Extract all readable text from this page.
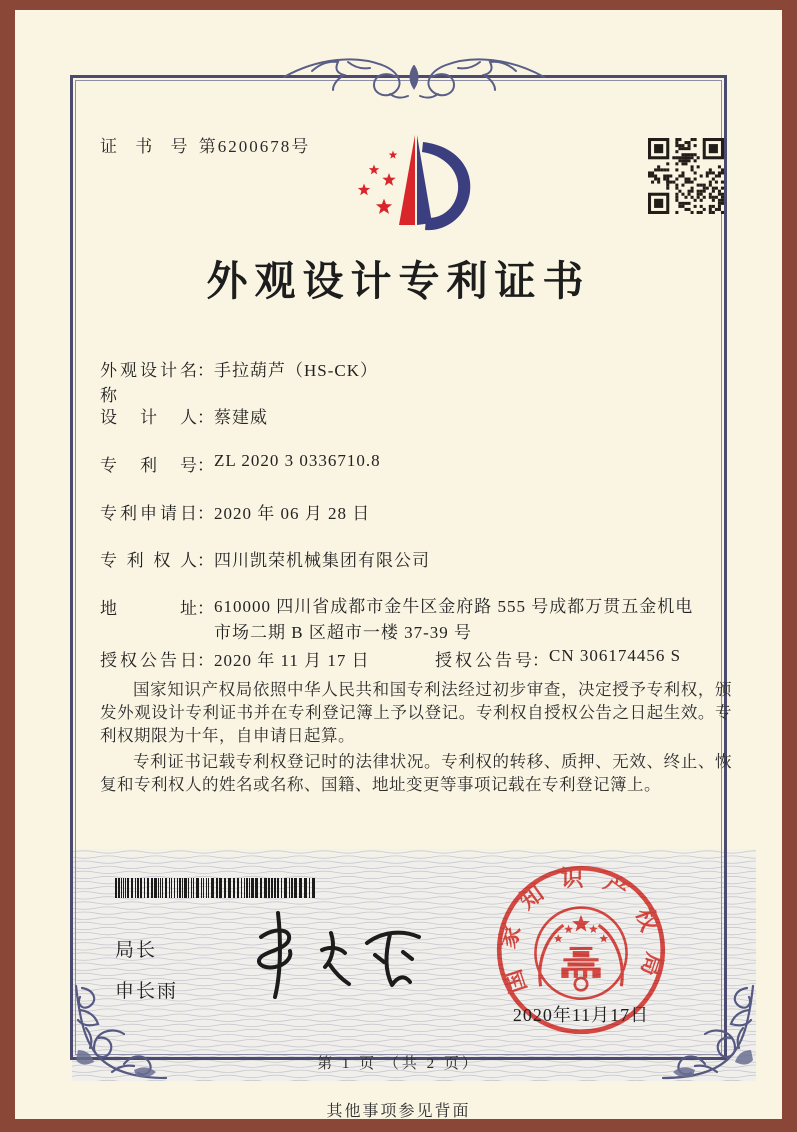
证 书 号 第6200678号
外观设计专利证书
外观设计名称
： 手拉葫芦（HS-CK）
设计人 ： 蔡建威
专利号 ： ZL 2020 3 0336710.8
专利申请日 ： 2020 年 06 月 28 日
专利权人 ： 四川凯荣机械集团有限公司
地址 ： 610000 四川省成都市金牛区金府路 555 号成都万贯五金机电市场二期 B 区超市一楼 37-39 号
授权公告日 ： 2020 年 11 月 17 日	授权公告号 ： CN 306174456 S

国家知识产权局依照中华人民共和国专利法经过初步审查，决定授予专利权，颁发外观设计专利证书并在专利登记簿上予以登记。专利权自授权公告之日起生效。专利权期限为十年，自申请日起算。

专利证书记载专利权登记时的法律状况。专利权的转移、质押、无效、终止、恢复和专利权人的姓名或名称、国籍、地址变更等事项记载在专利登记簿上。

局长
申长雨	国家知识产权局
2020年11月17日
第 1 页 （共 2 页）
其他事项参见背面
